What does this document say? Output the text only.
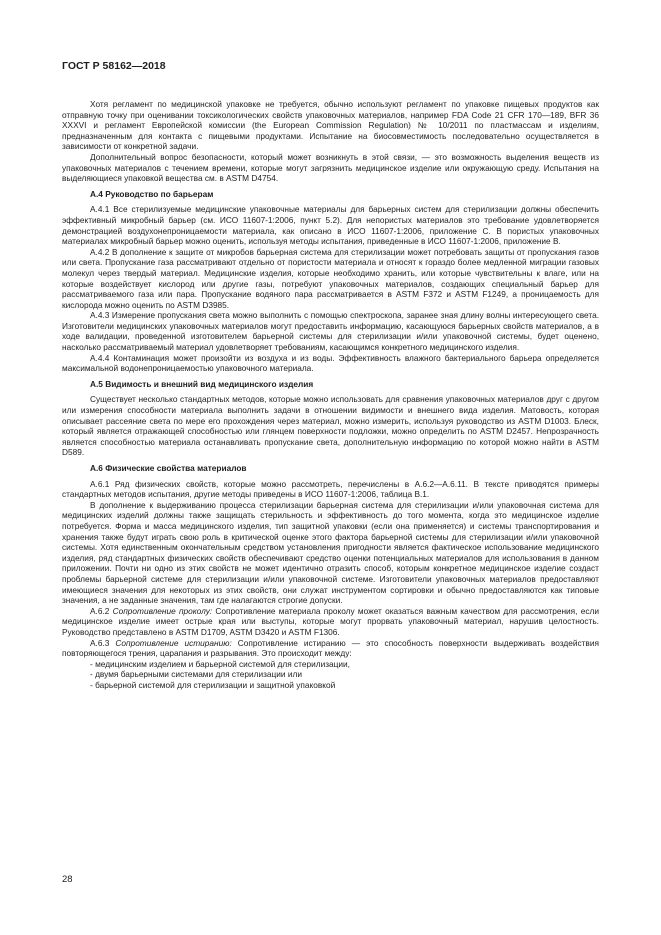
ГОСТ Р 58162—2018

Хотя регламент по медицинской упаковке не требуется, обычно используют регламент по упаковке пищевых продуктов как отправную точку при оценивании токсикологических свойств упаковочных материалов, например FDA Code 21 CFR 170—189, BFR 36 XXXVI и регламент Европейской комиссии (the European Commission Regulation) № 10/2011 по пластмассам и изделиям, предназначенным для контакта с пищевыми продуктами. Испытание на биосовместимость последовательно осуществляется в зависимости от конкретной задачи.

Дополнительный вопрос безопасности, который может возникнуть в этой связи, — это возможность выделения веществ из упаковочных материалов с течением времени, которые могут загрязнить медицинское изделие или окружающую среду. Испытания на выделяющиеся упаковкой вещества см. в ASTM D4754.

А.4 Руководство по барьерам

А.4.1 Все стерилизуемые медицинские упаковочные материалы для барьерных систем для стерилизации должны обеспечить эффективный микробный барьер (см. ИСО 11607-1:2006, пункт 5.2). Для непористых материалов это требование удовлетворяется демонстрацией воздухонепроницаемости материала, как описано в ИСО 11607-1:2006, приложение С. В пористых упаковочных материалах микробный барьер можно оценить, используя методы испытания, приведенные в ИСО 11607-1:2006, приложение В.

А.4.2 В дополнение к защите от микробов барьерная система для стерилизации может потребовать защиты от пропускания газов или света. Пропускание газа рассматривают отдельно от пористости материала и относят к гораздо более медленной миграции газовых молекул через твердый материал. Медицинские изделия, которые необходимо хранить, или которые чувствительны к влаге, или на которые воздействует кислород или другие газы, потребуют упаковочных материалов, создающих специальный барьер для рассматриваемого газа или пара. Пропускание водяного пара рассматривается в ASTM F372 и ASTM F1249, а проницаемость для кислорода можно оценить по ASTM D3985.

А.4.3 Измерение пропускания света можно выполнить с помощью спектроскопа, заранее зная длину волны интересующего света. Изготовители медицинских упаковочных материалов могут предоставить информацию, касающуюся барьерных свойств материалов, а в ходе валидации, проведенной изготовителем барьерной системы для стерилизации и/или упаковочной системы, будет оценено, насколько рассматриваемый материал удовлетворяет требованиям, касающимся конкретного медицинского изделия.

А.4.4 Контаминация может произойти из воздуха и из воды. Эффективность влажного бактериального барьера определяется максимальной водонепроницаемостью упаковочного материала.

А.5 Видимость и внешний вид медицинского изделия

Существует несколько стандартных методов, которые можно использовать для сравнения упаковочных материалов друг с другом или измерения способности материала выполнить задачи в отношении видимости и внешнего вида изделия. Матовость, которая описывает рассеяние света по мере его прохождения через материал, можно измерить, используя руководство из ASTM D1003. Блеск, который является отражающей способностью или глянцем поверхности подложки, можно определить по ASTM D2457. Непрозрачность является способностью материала останавливать пропускание света, дополнительную информацию по которой можно найти в ASTM D589.

А.6 Физические свойства материалов

А.6.1 Ряд физических свойств, которые можно рассмотреть, перечислены в А.6.2—А.6.11. В тексте приводятся примеры стандартных методов испытания, другие методы приведены в ИСО 11607-1:2006, таблица В.1.

В дополнение к выдерживанию процесса стерилизации барьерная система для стерилизации и/или упаковочная система для медицинских изделий должны также защищать стерильность и эффективность до того момента, когда это медицинское изделие потребуется. Форма и масса медицинского изделия, тип защитной упаковки (если она применяется) и системы транспортирования и хранения также будут играть свою роль в критической оценке этого фактора барьерной системы для стерилизации и/или упаковочной системы. Хотя единственным окончательным средством установления пригодности является фактическое использование медицинского изделия, ряд стандартных физических свойств обеспечивают средство оценки потенциальных материалов для использования в данном приложении. Почти ни одно из этих свойств не может идентично отразить способ, которым конкретное медицинское изделие создаст проблемы барьерной системе для стерилизации и/или упаковочной системе. Изготовители упаковочных материалов предоставляют имеющиеся значения для некоторых из этих свойств, они служат инструментом сортировки и обычно предоставляются как типовые значения, а не заданные значения, там где налагаются строгие допуски.

А.6.2 Сопротивление проколу: Сопротивление материала проколу может оказаться важным качеством для рассмотрения, если медицинское изделие имеет острые края или выступы, которые могут прорвать упаковочный материал, нарушив целостность. Руководство представлено в ASTM D1709, ASTM D3420 и ASTM F1306.

А.6.3 Сопротивление истиранию: Сопротивление истиранию — это способность поверхности выдерживать воздействия повторяющегося трения, царапания и разрывания. Это происходит между:

- медицинским изделием и барьерной системой для стерилизации,
- двумя барьерными системами для стерилизации или
- барьерной системой для стерилизации и защитной упаковкой
28
